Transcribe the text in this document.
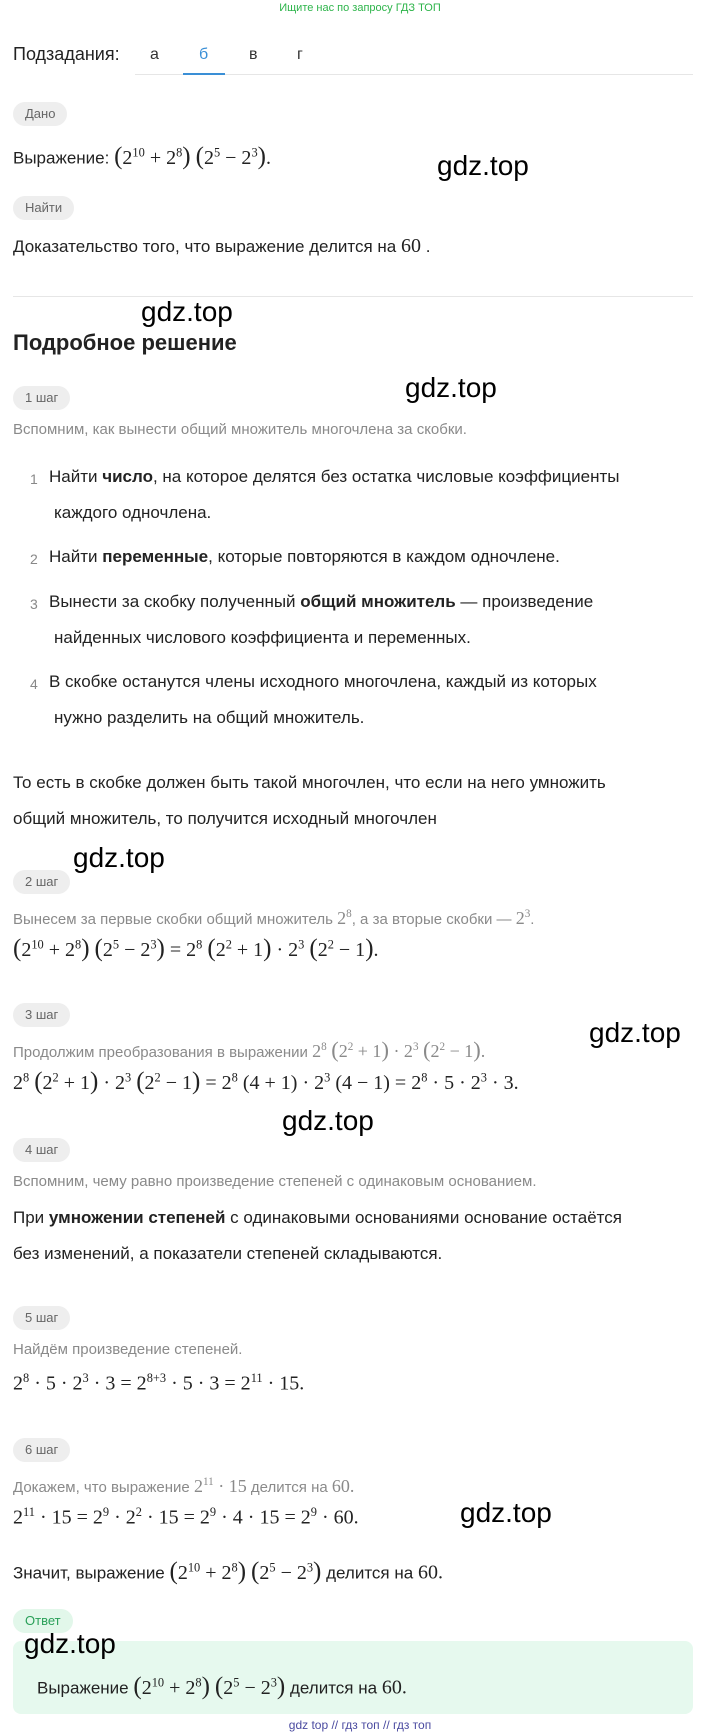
Ищите нас по запросу ГДЗ ТОП
Подзадания: а	б	в г
Дано
Выражение: $(2^{10} + 2^8) (2^5 - 2^3)$.
Найти
Доказательство того, что выражение делится на 60 .
Подробное решение
1 шаг
Вспомним, как вынести общий множитель многочлена за скобки.
1 Найти число, на которое делятся без остатка числовые коэффициенты
каждого одночлена.
2 Найти переменные, которые повторяются в каждом одночлене.
3 Вынести за скобку полученный общий множитель — произведение
найденных числового коэффициента и переменных.
4 В скобке останутся члены исходного многочлена, каждый из которых
нужно разделить на общий множитель.
То есть в скобке должен быть такой многочлен, что если на него умножить
общий множитель, то получится исходный многочлен
2 шаг
Вынесем за первые скобки общий множитель $2^8$, а за вторые скобки — $2^3$.
$(2^{10} + 2^8) (2^5 - 2^3) = 2^8$ $(2^2 + 1) \cdot 2^3$ $(2^2 - 1)$.
3 шаг
Продолжим преобразования в выражении $2^8$ $(2^2 + 1) \cdot 2^3$ $(2^2 - 1)$.
$2^8$ $(2^2 + 1) \cdot 2^3$ $(2^2 - 1) = 2^8$ $(4 + 1) \cdot 2^3$ $(4 - 1) = 2^8 \cdot 5 \cdot 2^3 \cdot 3$.
4 шаг
Вспомним, чему равно произведение степеней с одинаковым основанием.
При умножении степеней с одинаковыми основаниями основание остаётся
без изменений, а показатели степеней складываются.
5 шаг
Найдём произведение степеней.
$2^8 \cdot 5 \cdot 2^3 \cdot 3 = 2^{8+3} \cdot 5 \cdot 3 = 2^{11} \cdot 15$.
6 шаг
Докажем, что выражение $2^{11} \cdot 15$ делится на 60.
$2^{11} \cdot 15 = 2^9 \cdot 2^2 \cdot 15 = 2^9 \cdot 4 \cdot 15 = 2^9 \cdot 60$.
Значит, выражение $(2^{10} + 2^8) (2^5 - 2^3)$ делится на 60.
Ответ
Выражение $(2^{10} + 2^8) (2^5 - 2^3)$ делится на 60.
gdz.top
gdz.top
gdz.top
gdz.top
gdz.top
gdz.top
gdz.top
gdz.top
gdz top // гдз топ // гдз топ
